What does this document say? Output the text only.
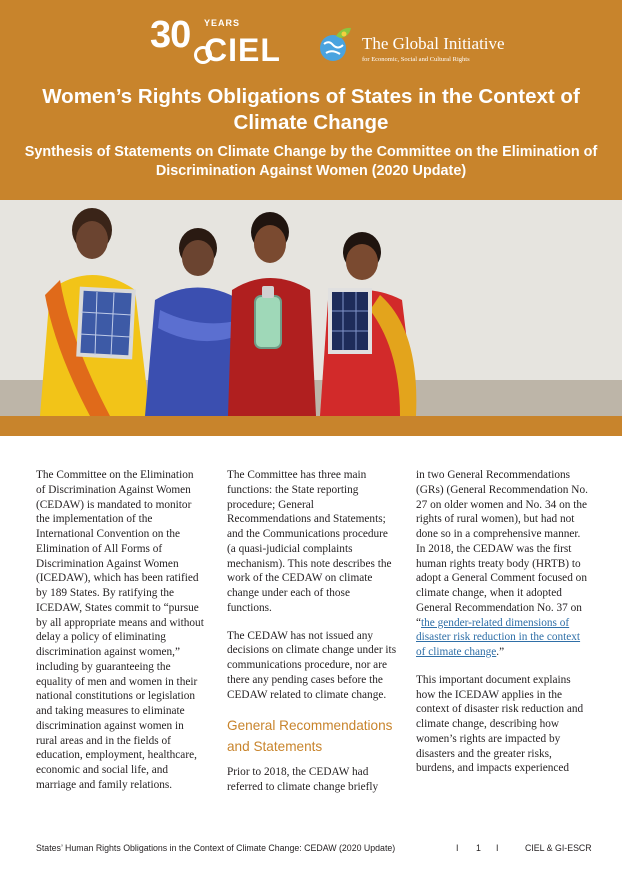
30 YEARS
CIEL	The Global Initiative
for Economic, Social and Cultural Rights
Women’s Rights Obligations of States in the Context of Climate Change
Synthesis of Statements on Climate Change by the Committee on the Elimination of Discrimination Against Women (2020 Update)

The Committee on the Elimination of Discrimination Against Women (CEDAW) is mandated to monitor the implementation of the International Convention on the Elimination of All Forms of Discrimination Against Women (ICEDAW), which has been ratified by 189 States. By ratifying the ICEDAW, States commit to “pursue by all appropriate means and without delay a policy of eliminating discrimination against women,” including by guaranteeing the equality of men and women in their national constitutions or legislation and taking measures to eliminate discrimination against women in rural areas and in the fields of education, employment, healthcare, economic and social life, and marriage and family relations.

The Committee has three main functions: the State reporting procedure; General Recommendations and Statements; and the Communications procedure (a quasi-judicial complaints mechanism). This note describes the work of the CEDAW on climate change under each of those functions.

The CEDAW has not issued any decisions on climate change under its communications procedure, nor are there any pending cases before the CEDAW related to climate change.

General Recommendations and Statements

Prior to 2018, the CEDAW had referred to climate change briefly

in two General Recommendations (GRs) (General Recommendation No. 27 on older women and No. 34 on the rights of rural women), but had not done so in a comprehensive manner. In 2018, the CEDAW was the first human rights treaty body (HRTB) to adopt a General Comment focused on climate change, when it adopted General Recommendation No. 37 on “the gender-related dimensions of disaster risk reduction in the context of climate change.”

This important document explains how the ICEDAW applies in the context of disaster risk reduction and climate change, describing how women’s rights are impacted by disasters and the greater risks, burdens, and impacts experienced

States’ Human Rights Obligations in the Context of Climate Change: CEDAW (2020 Update)	I 1 I	CIEL & GI-ESCR
